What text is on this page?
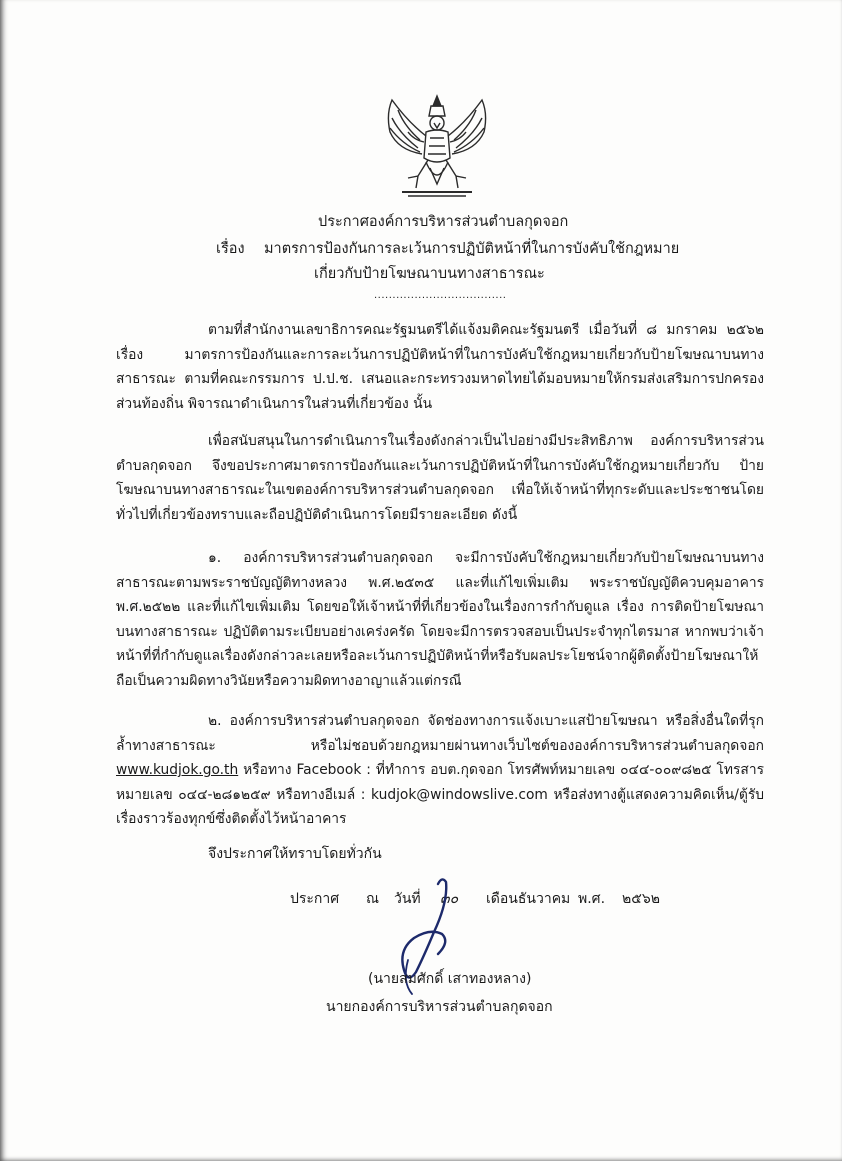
ประกาศองค์การบริหารส่วนตำบลกุดจอก
เรื่อง มาตรการป้องกันการละเว้นการปฏิบัติหน้าที่ในการบังคับใช้กฎหมาย
เกี่ยวกับป้ายโฆษณาบนทางสาธารณะ
....................................
ตามที่สำนักงานเลขาธิการคณะรัฐมนตรีได้แจ้งมติคณะรัฐมนตรี เมื่อวันที่ ๘ มกราคม ๒๕๖๒ เรื่อง มาตรการป้องกันและการละเว้นการปฏิบัติหน้าที่ในการบังคับใช้กฎหมายเกี่ยวกับป้ายโฆษณาบนทางสาธารณะ ตามที่คณะกรรมการ ป.ป.ช. เสนอและกระทรวงมหาดไทยได้มอบหมายให้กรมส่งเสริมการปกครองส่วนท้องถิ่น พิจารณาดำเนินการในส่วนที่เกี่ยวข้อง นั้น
เพื่อสนับสนุนในการดำเนินการในเรื่องดังกล่าวเป็นไปอย่างมีประสิทธิภาพ องค์การบริหารส่วนตำบลกุดจอก จึงขอประกาศมาตรการป้องกันและเว้นการปฏิบัติหน้าที่ในการบังคับใช้กฎหมายเกี่ยวกับ ป้ายโฆษณาบนทางสาธารณะในเขตองค์การบริหารส่วนตำบลกุดจอก เพื่อให้เจ้าหน้าที่ทุกระดับและประชาชนโดยทั่วไปที่เกี่ยวข้องทราบและถือปฏิบัติดำเนินการโดยมีรายละเอียด ดังนี้
๑. องค์การบริหารส่วนตำบลกุดจอก จะมีการบังคับใช้กฎหมายเกี่ยวกับป้ายโฆษณาบนทางสาธารณะตามพระราชบัญญัติทางหลวง พ.ศ.๒๕๓๕ และที่แก้ไขเพิ่มเติม พระราชบัญญัติควบคุมอาคาร พ.ศ.๒๕๒๒ และที่แก้ไขเพิ่มเติม โดยขอให้เจ้าหน้าที่ที่เกี่ยวข้องในเรื่องการกำกับดูแล เรื่อง การติดป้ายโฆษณาบนทางสาธารณะ ปฏิบัติตามระเบียบอย่างเคร่งครัด โดยจะมีการตรวจสอบเป็นประจำทุกไตรมาส หากพบว่าเจ้าหน้าที่ที่กำกับดูแลเรื่องดังกล่าวละเลยหรือละเว้นการปฏิบัติหน้าที่หรือรับผลประโยชน์จากผู้ติดตั้งป้ายโฆษณาให้ถือเป็นความผิดทางวินัยหรือความผิดทางอาญาแล้วแต่กรณี
๒. องค์การบริหารส่วนตำบลกุดจอก จัดช่องทางการแจ้งเบาะแสป้ายโฆษณา หรือสิ่งอื่นใดที่รุกล้ำทางสาธารณะ หรือไม่ชอบด้วยกฎหมายผ่านทางเว็บไซต์ขององค์การบริหารส่วนตำบลกุดจอก www.kudjok.go.th หรือทาง Facebook : ที่ทำการ อบต.กุดจอก โทรศัพท์หมายเลข ๐๔๔-๐๐๙๘๒๕ โทรสารหมายเลข ๐๔๔-๒๘๑๒๕๙ หรือทางอีเมล์ : kudjok@windowslive.com หรือส่งทางตู้แสดงความคิดเห็น/ตู้รับเรื่องราวร้องทุกข์ซึ่งติดตั้งไว้หน้าอาคาร
จึงประกาศให้ทราบโดยทั่วกัน
ประกาศ ณ วันที่ ๓๐ เดือนธันวาคม พ.ศ. ๒๕๖๒
(นายสมศักดิ์ เสาทองหลาง)
นายกองค์การบริหารส่วนตำบลกุดจอก
